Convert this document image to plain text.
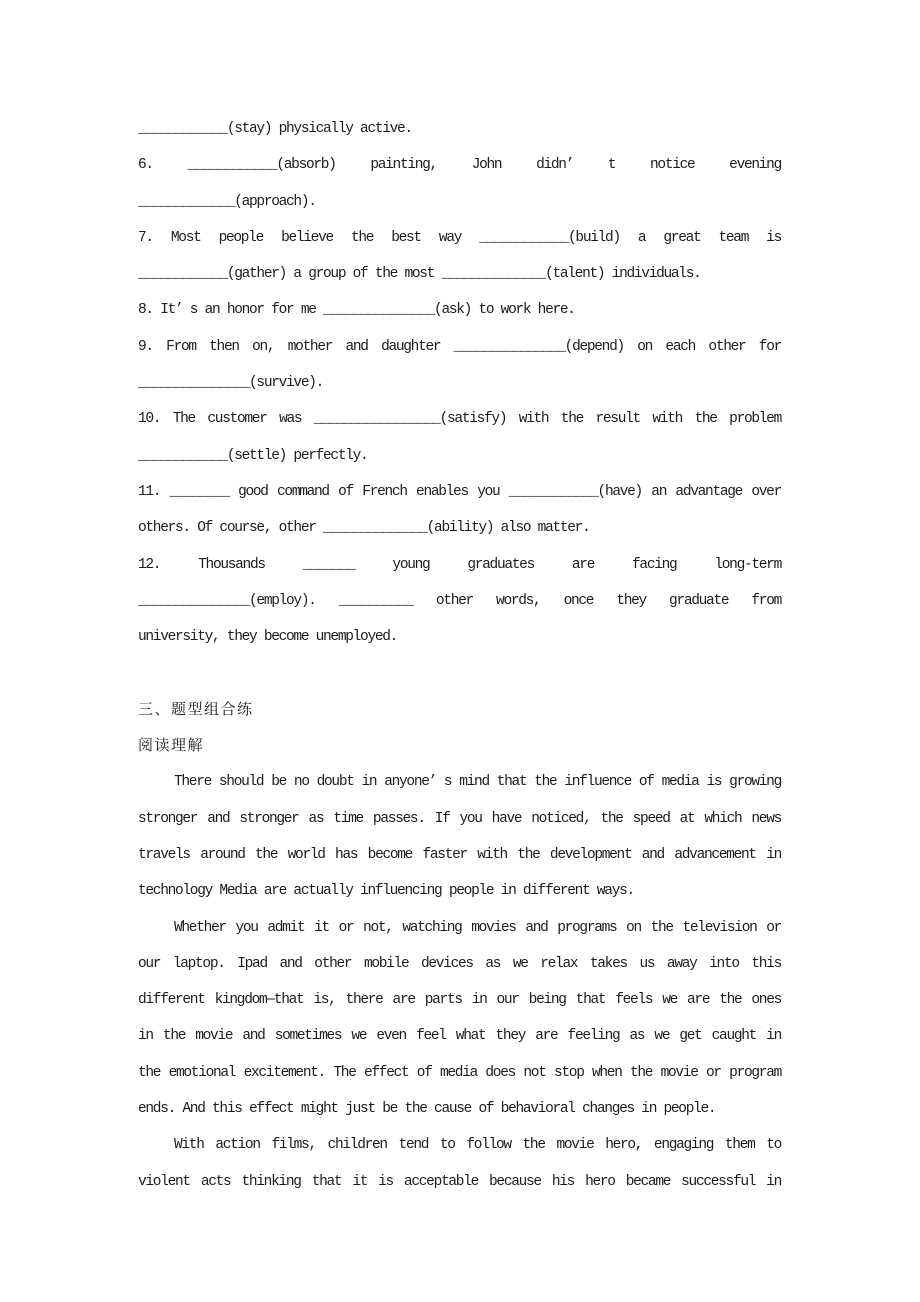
____________(stay) physically active.
6. ____________(absorb) painting, John didn’ t notice evening
_____________(approach).
7. Most people believe the best way ____________(build) a great team is
____________(gather) a group of the most ______________(talent) individuals.
8. It’ s an honor for me _______________(ask) to work here.
9. From then on, mother and daughter _______________(depend) on each other for
_______________(survive).
10. The customer was _________________(satisfy) with the result with the problem
____________(settle) perfectly.
11. ________ good command of French enables you ____________(have) an advantage over
others. Of course, other ______________(ability) also matter.
12. Thousands _______ young graduates are facing long-term
_______________(employ). __________ other words, once they graduate from
university, they become unemployed.
三、题型组合练
阅读理解
There should be no doubt in anyone’ s mind that the influence of media is growing
stronger and stronger as time passes. If you have noticed, the speed at which news
travels around the world has become faster with the development and advancement in
technology Media are actually influencing people in different ways.
Whether you admit it or not, watching movies and programs on the television or
our laptop. Ipad and other mobile devices as we relax takes us away into this
different kingdom—that is, there are parts in our being that feels we are the ones
in the movie and sometimes we even feel what they are feeling as we get caught in
the emotional excitement. The effect of media does not stop when the movie or program
ends. And this effect might just be the cause of behavioral changes in people.
With action films, children tend to follow the movie hero, engaging them to
violent acts thinking that it is acceptable because his hero became successful in
